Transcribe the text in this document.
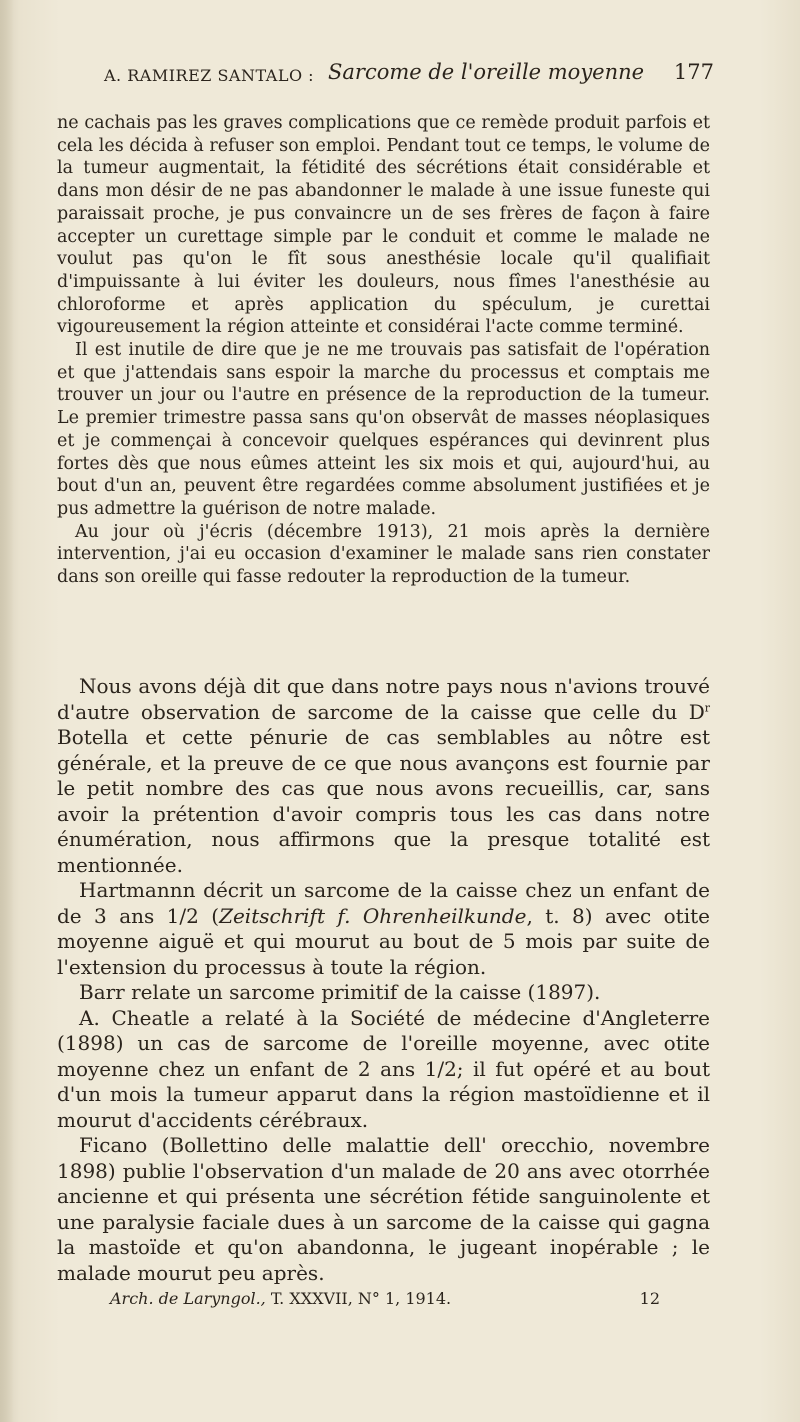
A. RAMIREZ SANTALO : Sarcome de l'oreille moyenne 177

ne cachais pas les graves complications que ce remède produit parfois et cela les décida à refuser son emploi. Pendant tout ce temps, le volume de la tumeur augmentait, la fétidité des sécrétions était considérable et dans mon désir de ne pas abandonner le malade à une issue funeste qui paraissait proche, je pus convaincre un de ses frères de façon à faire accepter un curettage simple par le conduit et comme le malade ne voulut pas qu'on le fît sous anesthésie locale qu'il qualifiait d'impuissante à lui éviter les douleurs, nous fîmes l'anesthésie au chloroforme et après application du spéculum, je curettai vigoureusement la région atteinte et considérai l'acte comme terminé.

Il est inutile de dire que je ne me trouvais pas satisfait de l'opération et que j'attendais sans espoir la marche du processus et comptais me trouver un jour ou l'autre en présence de la reproduction de la tumeur. Le premier trimestre passa sans qu'on observât de masses néoplasiques et je commençai à concevoir quelques espérances qui devinrent plus fortes dès que nous eûmes atteint les six mois et qui, aujourd'hui, au bout d'un an, peuvent être regardées comme absolument justifiées et je pus admettre la guérison de notre malade.

Au jour où j'écris (décembre 1913), 21 mois après la dernière intervention, j'ai eu occasion d'examiner le malade sans rien constater dans son oreille qui fasse redouter la reproduction de la tumeur.

Nous avons déjà dit que dans notre pays nous n'avions trouvé d'autre observation de sarcome de la caisse que celle du $D^r$ Botella et cette pénurie de cas semblables au nôtre est générale, et la preuve de ce que nous avançons est fournie par le petit nombre des cas que nous avons recueillis, car, sans avoir la prétention d'avoir compris tous les cas dans notre énumération, nous affirmons que la presque totalité est mentionnée.

Hartmannn décrit un sarcome de la caisse chez un enfant de de 3 ans 1/2 (Zeitschrift f. Ohrenheilkunde, t. 8) avec otite moyenne aiguë et qui mourut au bout de 5 mois par suite de l'extension du processus à toute la région.

Barr relate un sarcome primitif de la caisse (1897).

A. Cheatle a relaté à la Société de médecine d'Angleterre (1898) un cas de sarcome de l'oreille moyenne, avec otite moyenne chez un enfant de 2 ans 1/2; il fut opéré et au bout d'un mois la tumeur apparut dans la région mastoïdienne et il mourut d'accidents cérébraux.

Ficano (Bollettino delle malattie dell' orecchio, novembre 1898) publie l'observation d'un malade de 20 ans avec otorrhée ancienne et qui présenta une sécrétion fétide sanguinolente et une paralysie faciale dues à un sarcome de la caisse qui gagna la mastoïde et qu'on abandonna, le jugeant inopérable ; le malade mourut peu après.

Arch. de Laryngol., T. XXXVII, N° 1, 1914.	12
